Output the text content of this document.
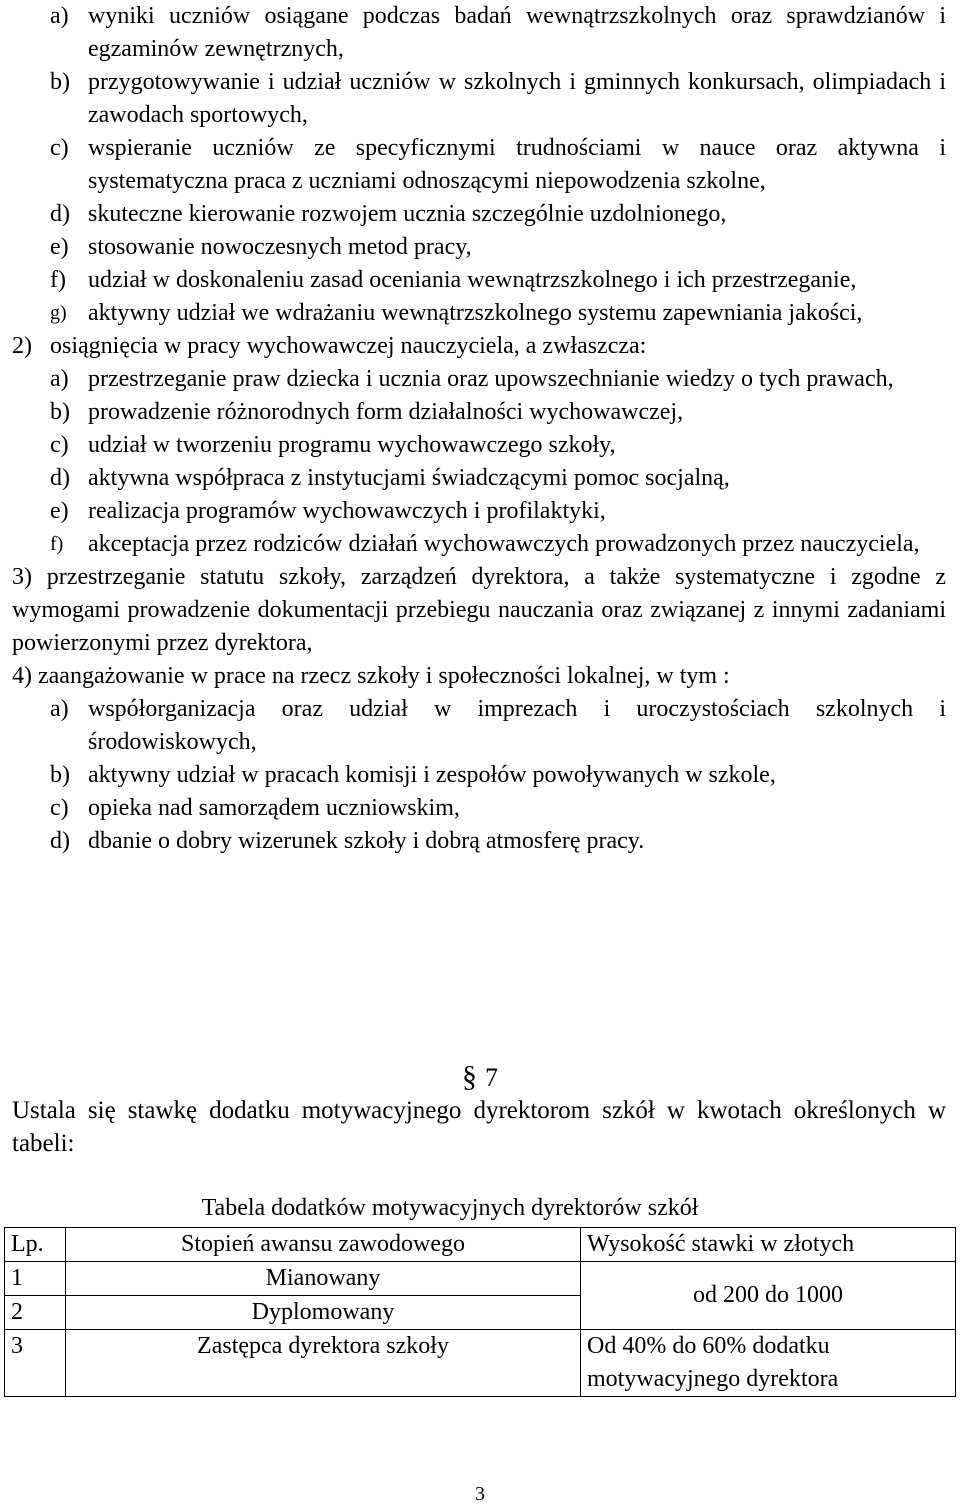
a) wyniki uczniów osiągane podczas badań wewnątrzszkolnych oraz sprawdzianów i egzaminów zewnętrznych,
b) przygotowywanie i udział uczniów w szkolnych i gminnych konkursach, olimpiadach i zawodach sportowych,
c) wspieranie uczniów ze specyficznymi trudnościami w nauce oraz aktywna i systematyczna praca z uczniami odnoszącymi niepowodzenia szkolne,
d) skuteczne kierowanie rozwojem ucznia szczególnie uzdolnionego,
e) stosowanie nowoczesnych metod pracy,
f) udział w doskonaleniu zasad oceniania wewnątrzszkolnego i ich przestrzeganie,
g) aktywny udział we wdrażaniu wewnątrzszkolnego systemu zapewniania jakości,
2) osiągnięcia w pracy wychowawczej nauczyciela, a zwłaszcza:
a) przestrzeganie praw dziecka i ucznia oraz upowszechnianie wiedzy o tych prawach,
b) prowadzenie różnorodnych form działalności wychowawczej,
c) udział w tworzeniu programu wychowawczego szkoły,
d) aktywna współpraca z instytucjami świadczącymi pomoc socjalną,
e) realizacja programów wychowawczych i profilaktyki,
f) akceptacja przez rodziców działań wychowawczych prowadzonych przez nauczyciela,
3) przestrzeganie statutu szkoły, zarządzeń dyrektora, a także systematyczne i zgodne z wymogami prowadzenie dokumentacji przebiegu nauczania oraz związanej z innymi zadaniami powierzonymi przez dyrektora,
4) zaangażowanie w prace na rzecz szkoły i społeczności lokalnej, w tym :
a) współorganizacja oraz udział w imprezach i uroczystościach szkolnych i środowiskowych,
b) aktywny udział w pracach komisji i zespołów powoływanych w szkole,
c) opieka nad samorządem uczniowskim,
d) dbanie o dobry wizerunek szkoły i dobrą atmosferę pracy.
§ 7
Ustala się stawkę dodatku motywacyjnego dyrektorom szkół w kwotach określonych w tabeli:
Tabela dodatków motywacyjnych dyrektorów szkół
Lp.	Stopień awansu zawodowego	Wysokość stawki w złotych
1	Mianowany	od 200 do 1000
2	Dyplomowany	
3	Zastępca dyrektora szkoły	Od 40% do 60% dodatku motywacyjnego dyrektora
3
